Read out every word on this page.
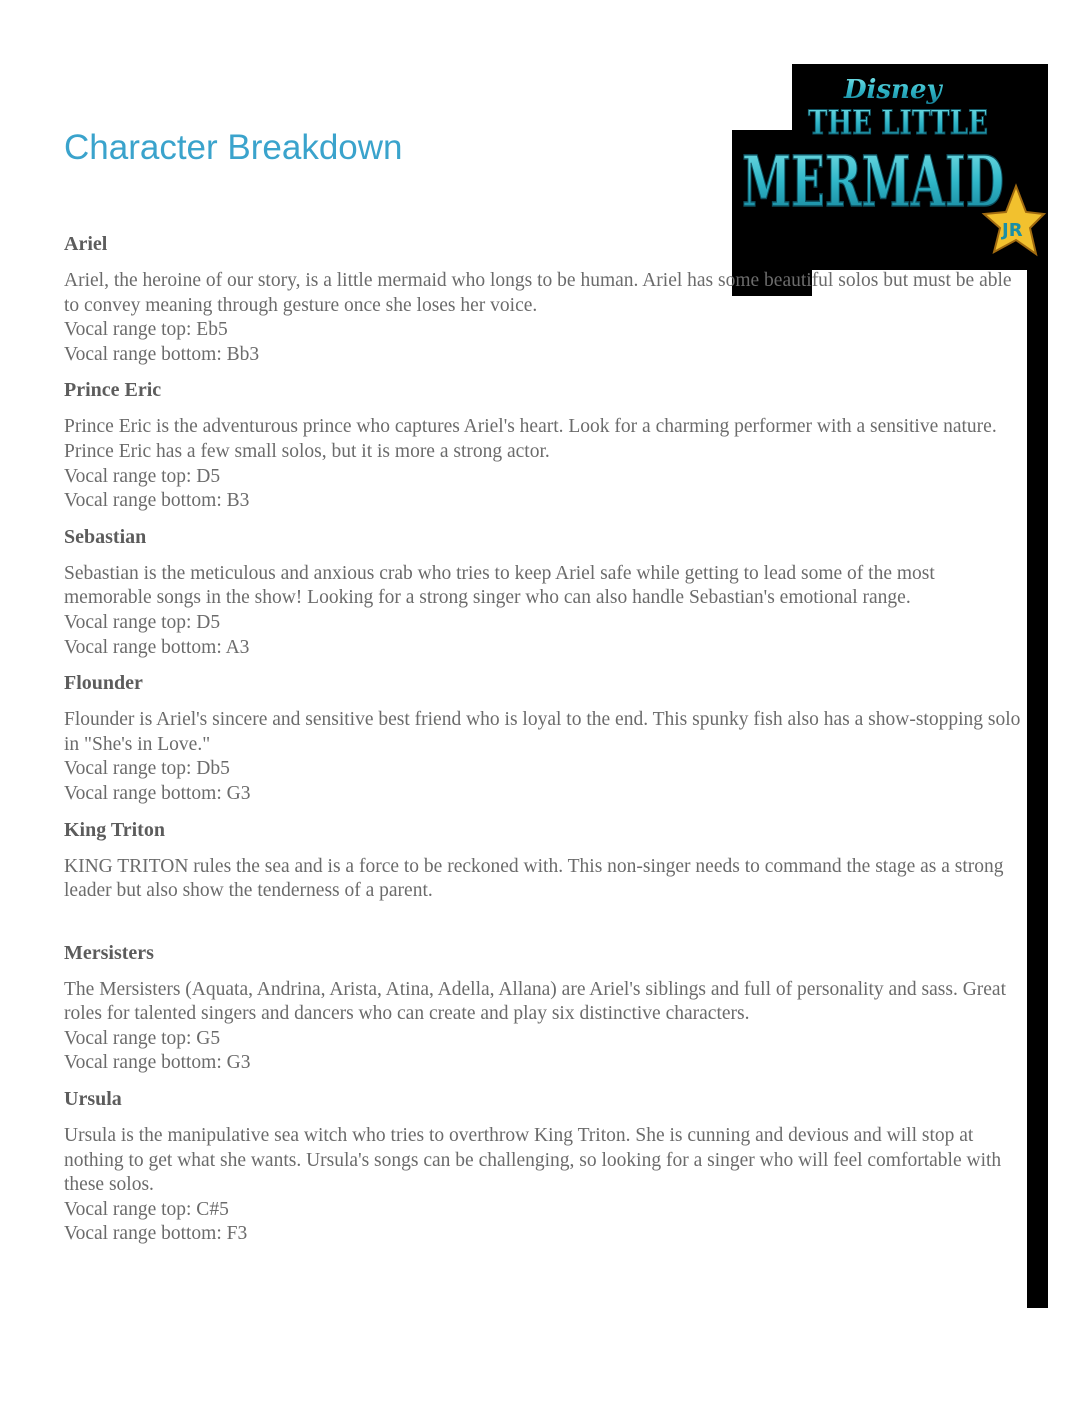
Disney
THE LITTLE
MERMAID
JR
Character Breakdown
Ariel

Ariel, the heroine of our story, is a little mermaid who longs to be human. Ariel has some beautiful solos but must be able to convey meaning through gesture once she loses her voice.

Vocal range top: Eb5

Vocal range bottom: Bb3

Prince Eric

Prince Eric is the adventurous prince who captures Ariel's heart. Look for a charming performer with a sensitive nature. Prince Eric has a few small solos, but it is more a strong actor.

Vocal range top: D5

Vocal range bottom: B3

Sebastian

Sebastian is the meticulous and anxious crab who tries to keep Ariel safe while getting to lead some of the most memorable songs in the show! Looking for a strong singer who can also handle Sebastian's emotional range.

Vocal range top: D5

Vocal range bottom: A3

Flounder

Flounder is Ariel's sincere and sensitive best friend who is loyal to the end. This spunky fish also has a show-stopping solo in "She's in Love."

Vocal range top: Db5

Vocal range bottom: G3

King Triton

KING TRITON rules the sea and is a force to be reckoned with. This non-singer needs to command the stage as a strong leader but also show the tenderness of a parent.

Mersisters

The Mersisters (Aquata, Andrina, Arista, Atina, Adella, Allana) are Ariel's siblings and full of personality and sass. Great roles for talented singers and dancers who can create and play six distinctive characters.

Vocal range top: G5

Vocal range bottom: G3

Ursula

Ursula is the manipulative sea witch who tries to overthrow King Triton. She is cunning and devious and will stop at nothing to get what she wants. Ursula's songs can be challenging, so looking for a singer who will feel comfortable with these solos.

Vocal range top: C#5

Vocal range bottom: F3
